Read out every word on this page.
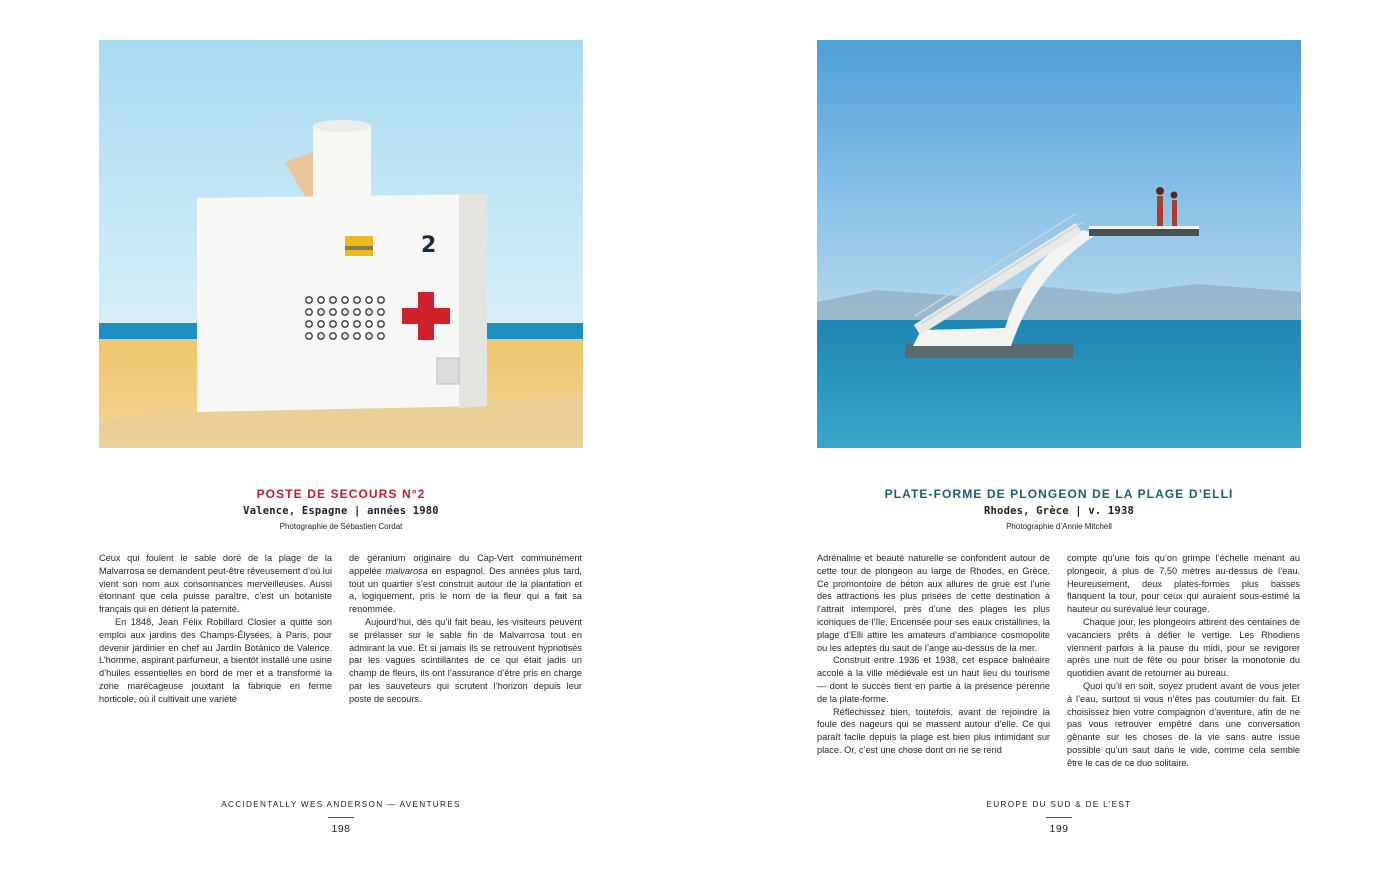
2
POSTE DE SECOURS N°2
Valence, Espagne | années 1980
Photographie de Sébastien Cordat

Ceux qui foulent le sable doré de la plage de la Malvarrosa se demandent peut-être rêveusement d’où lui vient son nom aux consonnances merveilleuses. Aussi étonnant que cela puisse paraître, c’est un botaniste français qui en détient la paternité.

En 1848, Jean Félix Robillard Closier a quitté son emploi aux jardins des Champs-Élysées, à Paris, pour devenir jardinier en chef au Jardín Botánico de Valence. L’homme, aspirant parfumeur, a bientôt installé une usine d’huiles essentielles en bord de mer et a transformé la zone marécageuse jouxtant la fabrique en ferme horticole, où il cultivait une variété

de géranium originaire du Cap-Vert communément appelée malvarosa en espagnol. Des années plus tard, tout un quartier s’est construit autour de la plantation et a, logiquement, pris le nom de la fleur qui a fait sa renommée.

Aujourd’hui, dès qu’il fait beau, les visiteurs peuvent se prélasser sur le sable fin de Malvarrosa tout en admirant la vue. Et si jamais ils se retrouvent hypnotisés par les vagues scintillantes de ce qui était jadis un champ de fleurs, ils ont l’assurance d’être pris en charge par les sauveteurs qui scrutent l’horizon depuis leur poste de secours.

ACCIDENTALLY WES ANDERSON — AVENTURES
198
PLATE-FORME DE PLONGEON DE LA PLAGE D’ELLI
Rhodes, Grèce | v. 1938
Photographie d’Annie Mitchell

Adrénaline et beauté naturelle se confondent autour de cette tour de plongeon au large de Rhodes, en Grèce. Ce promontoire de béton aux allures de grue est l’une des attractions les plus prisées de cette destination à l’attrait intemporel, près d’une des plages les plus iconiques de l’île. Encensée pour ses eaux cristallines, la plage d’Elli attire les amateurs d’ambiance cosmopolite ou les adeptes du saut de l’ange au-dessus de la mer.

Construit entre 1936 et 1938, cet espace balnéaire accolé à la ville médiévale est un haut lieu du tourisme — dont le succès tient en partie à la présence pérenne de la plate-forme.

Réfléchissez bien, toutefois, avant de rejoindre la foule des nageurs qui se massent autour d’elle. Ce qui paraît facile depuis la plage est bien plus intimidant sur place. Or, c’est une chose dont on ne se rend

compte qu’une fois qu’on grimpe l’échelle menant au plongeoir, à plus de 7,50 mètres au-dessus de l’eau. Heureusement, deux plates-formes plus basses flanquent la tour, pour ceux qui auraient sous-estimé la hauteur ou surévalué leur courage.

Chaque jour, les plongeoirs attirent des centaines de vacanciers prêts à défier le vertige. Les Rhodiens viennent parfois à la pause du midi, pour se revigorer après une nuit de fête ou pour briser la monotonie du quotidien avant de retourner au bureau.

Quoi qu’il en soit, soyez prudent avant de vous jeter à l’eau, surtout si vous n’êtes pas coutumier du fait. Et choisissez bien votre compagnon d’aventure, afin de ne pas vous retrouver empêtré dans une conversation gênante sur les choses de la vie sans autre issue possible qu’un saut dans le vide, comme cela semble être le cas de ce duo solitaire.

EUROPE DU SUD & DE L’EST
199
